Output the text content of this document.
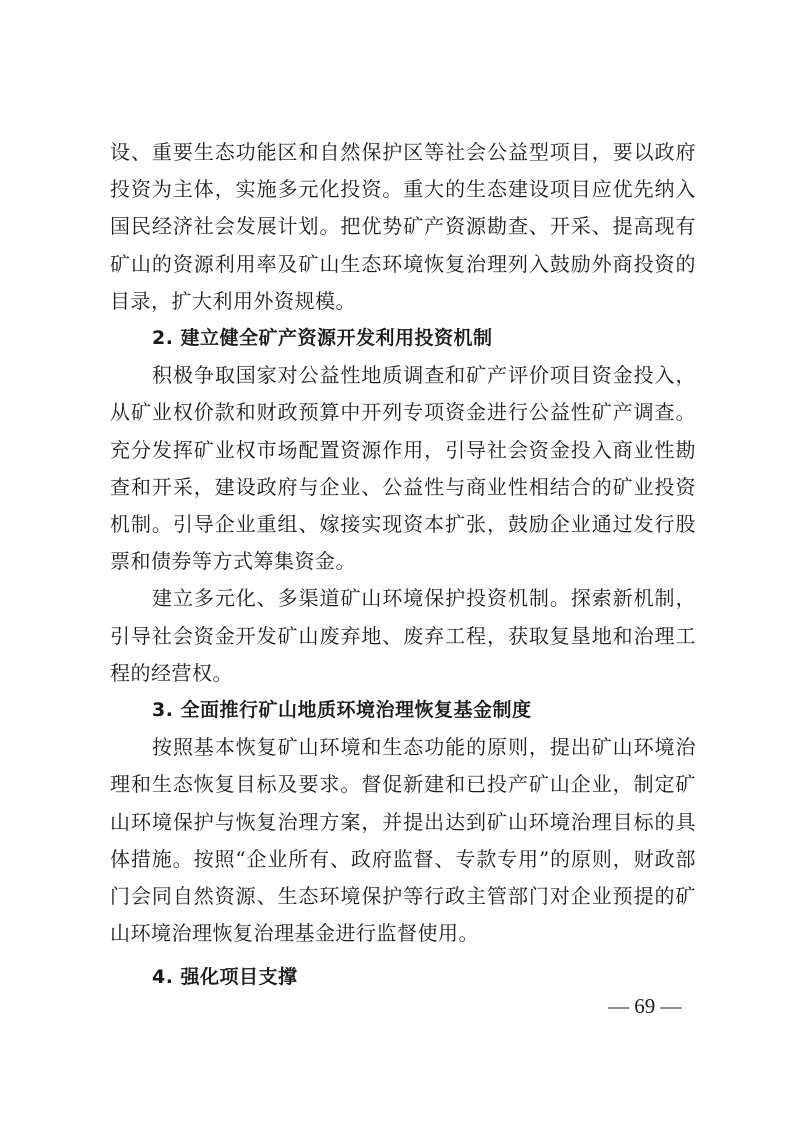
设、重要生态功能区和自然保护区等社会公益型项目，要以政府投资为主体，实施多元化投资。重大的生态建设项目应优先纳入国民经济社会发展计划。把优势矿产资源勘查、开采、提高现有矿山的资源利用率及矿山生态环境恢复治理列入鼓励外商投资的目录，扩大利用外资规模。

2. 建立健全矿产资源开发利用投资机制

积极争取国家对公益性地质调查和矿产评价项目资金投入，从矿业权价款和财政预算中开列专项资金进行公益性矿产调查。充分发挥矿业权市场配置资源作用，引导社会资金投入商业性勘查和开采，建设政府与企业、公益性与商业性相结合的矿业投资机制。引导企业重组、嫁接实现资本扩张，鼓励企业通过发行股票和债券等方式筹集资金。

建立多元化、多渠道矿山环境保护投资机制。探索新机制，引导社会资金开发矿山废弃地、废弃工程，获取复垦地和治理工程的经营权。

3. 全面推行矿山地质环境治理恢复基金制度

按照基本恢复矿山环境和生态功能的原则，提出矿山环境治理和生态恢复目标及要求。督促新建和已投产矿山企业，制定矿山环境保护与恢复治理方案，并提出达到矿山环境治理目标的具体措施。按照“企业所有、政府监督、专款专用”的原则，财政部门会同自然资源、生态环境保护等行政主管部门对企业预提的矿山环境治理恢复治理基金进行监督使用。

4. 强化项目支撑

— 69 —
